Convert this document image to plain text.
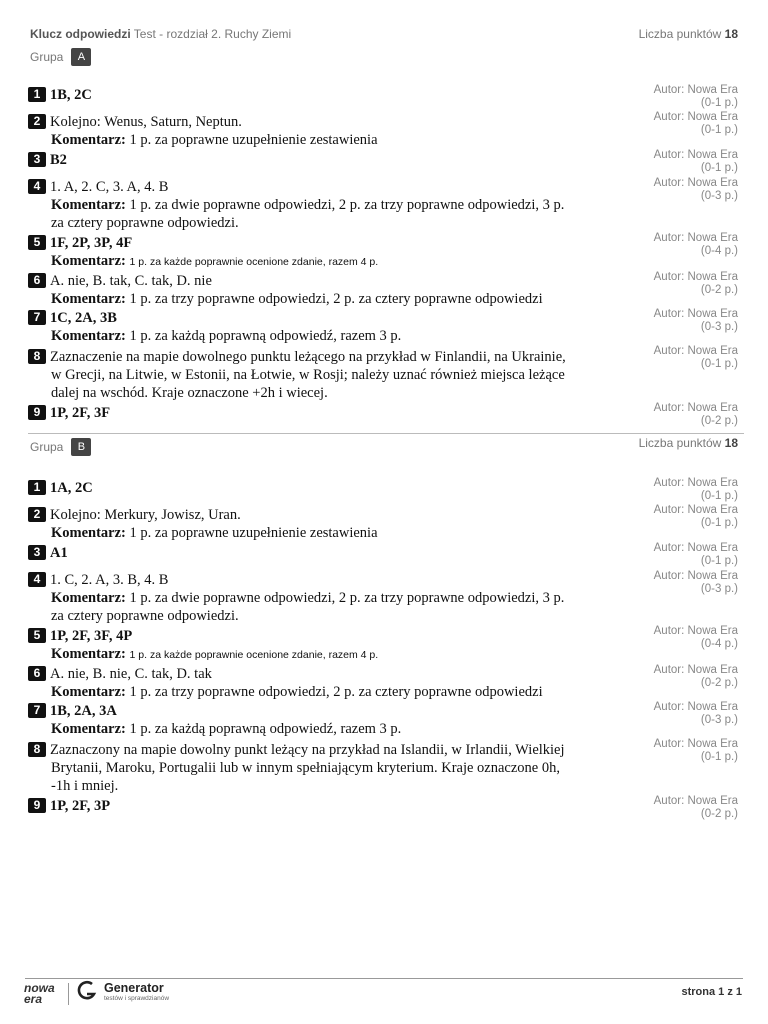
Klucz odpowiedzi Test - rozdział 2. Ruchy Ziemi	Liczba punktów 18
Grupa	A
1 1B, 2C	Autor: Nowa Era
(0-1 p.)
2 Kolejno: Wenus, Saturn, Neptun.
Komentarz: 1 p. za poprawne uzupełnienie zestawienia
Autor: Nowa Era
(0-1 p.)
3 B2	Autor: Nowa Era
(0-1 p.)
4 1. A, 2. C, 3. A, 4. B
Komentarz: 1 p. za dwie poprawne odpowiedzi, 2 p. za trzy poprawne odpowiedzi, 3 p.
za cztery poprawne odpowiedzi.
Autor: Nowa Era
(0-3 p.)
5 1F, 2P, 3P, 4F
Komentarz: 1 p. za każde poprawnie ocenione zdanie, razem 4 p.
Autor: Nowa Era
(0-4 p.)
6 A. nie, B. tak, C. tak, D. nie
Komentarz: 1 p. za trzy poprawne odpowiedzi, 2 p. za cztery poprawne odpowiedzi
Autor: Nowa Era
(0-2 p.)
7 1C, 2A, 3B
Komentarz: 1 p. za każdą poprawną odpowiedź, razem 3 p.
Autor: Nowa Era
(0-3 p.)
8 Zaznaczenie na mapie dowolnego punktu leżącego na przykład w Finlandii, na Ukrainie,
w Grecji, na Litwie, w Estonii, na Łotwie, w Rosji; należy uznać również miejsca leżące
dalej na wschód. Kraje oznaczone +2h i wiecej.
Autor: Nowa Era
(0-1 p.)
9 1P, 2F, 3F	Autor: Nowa Era
(0-2 p.)
Grupa	B	Liczba punktów 18
1 1A, 2C	Autor: Nowa Era
(0-1 p.)
2 Kolejno: Merkury, Jowisz, Uran.
Komentarz: 1 p. za poprawne uzupełnienie zestawienia
Autor: Nowa Era
(0-1 p.)
3 A1	Autor: Nowa Era
(0-1 p.)
4 1. C, 2. A, 3. B, 4. B
Komentarz: 1 p. za dwie poprawne odpowiedzi, 2 p. za trzy poprawne odpowiedzi, 3 p.
za cztery poprawne odpowiedzi.
Autor: Nowa Era
(0-3 p.)
5 1P, 2F, 3F, 4P
Komentarz: 1 p. za każde poprawnie ocenione zdanie, razem 4 p.
Autor: Nowa Era
(0-4 p.)
6 A. nie, B. nie, C. tak, D. tak
Komentarz: 1 p. za trzy poprawne odpowiedzi, 2 p. za cztery poprawne odpowiedzi
Autor: Nowa Era
(0-2 p.)
7 1B, 2A, 3A
Komentarz: 1 p. za każdą poprawną odpowiedź, razem 3 p.
Autor: Nowa Era
(0-3 p.)
8 Zaznaczony na mapie dowolny punkt leżący na przykład na Islandii, w Irlandii, Wielkiej
Brytanii, Maroku, Portugalii lub w innym spełniającym kryterium. Kraje oznaczone 0h,
-1h i mniej.
Autor: Nowa Era
(0-1 p.)
9 1P, 2F, 3P	Autor: Nowa Era
(0-2 p.)
nowa
era
Generator
testów i sprawdzianów
strona 1 z 1
